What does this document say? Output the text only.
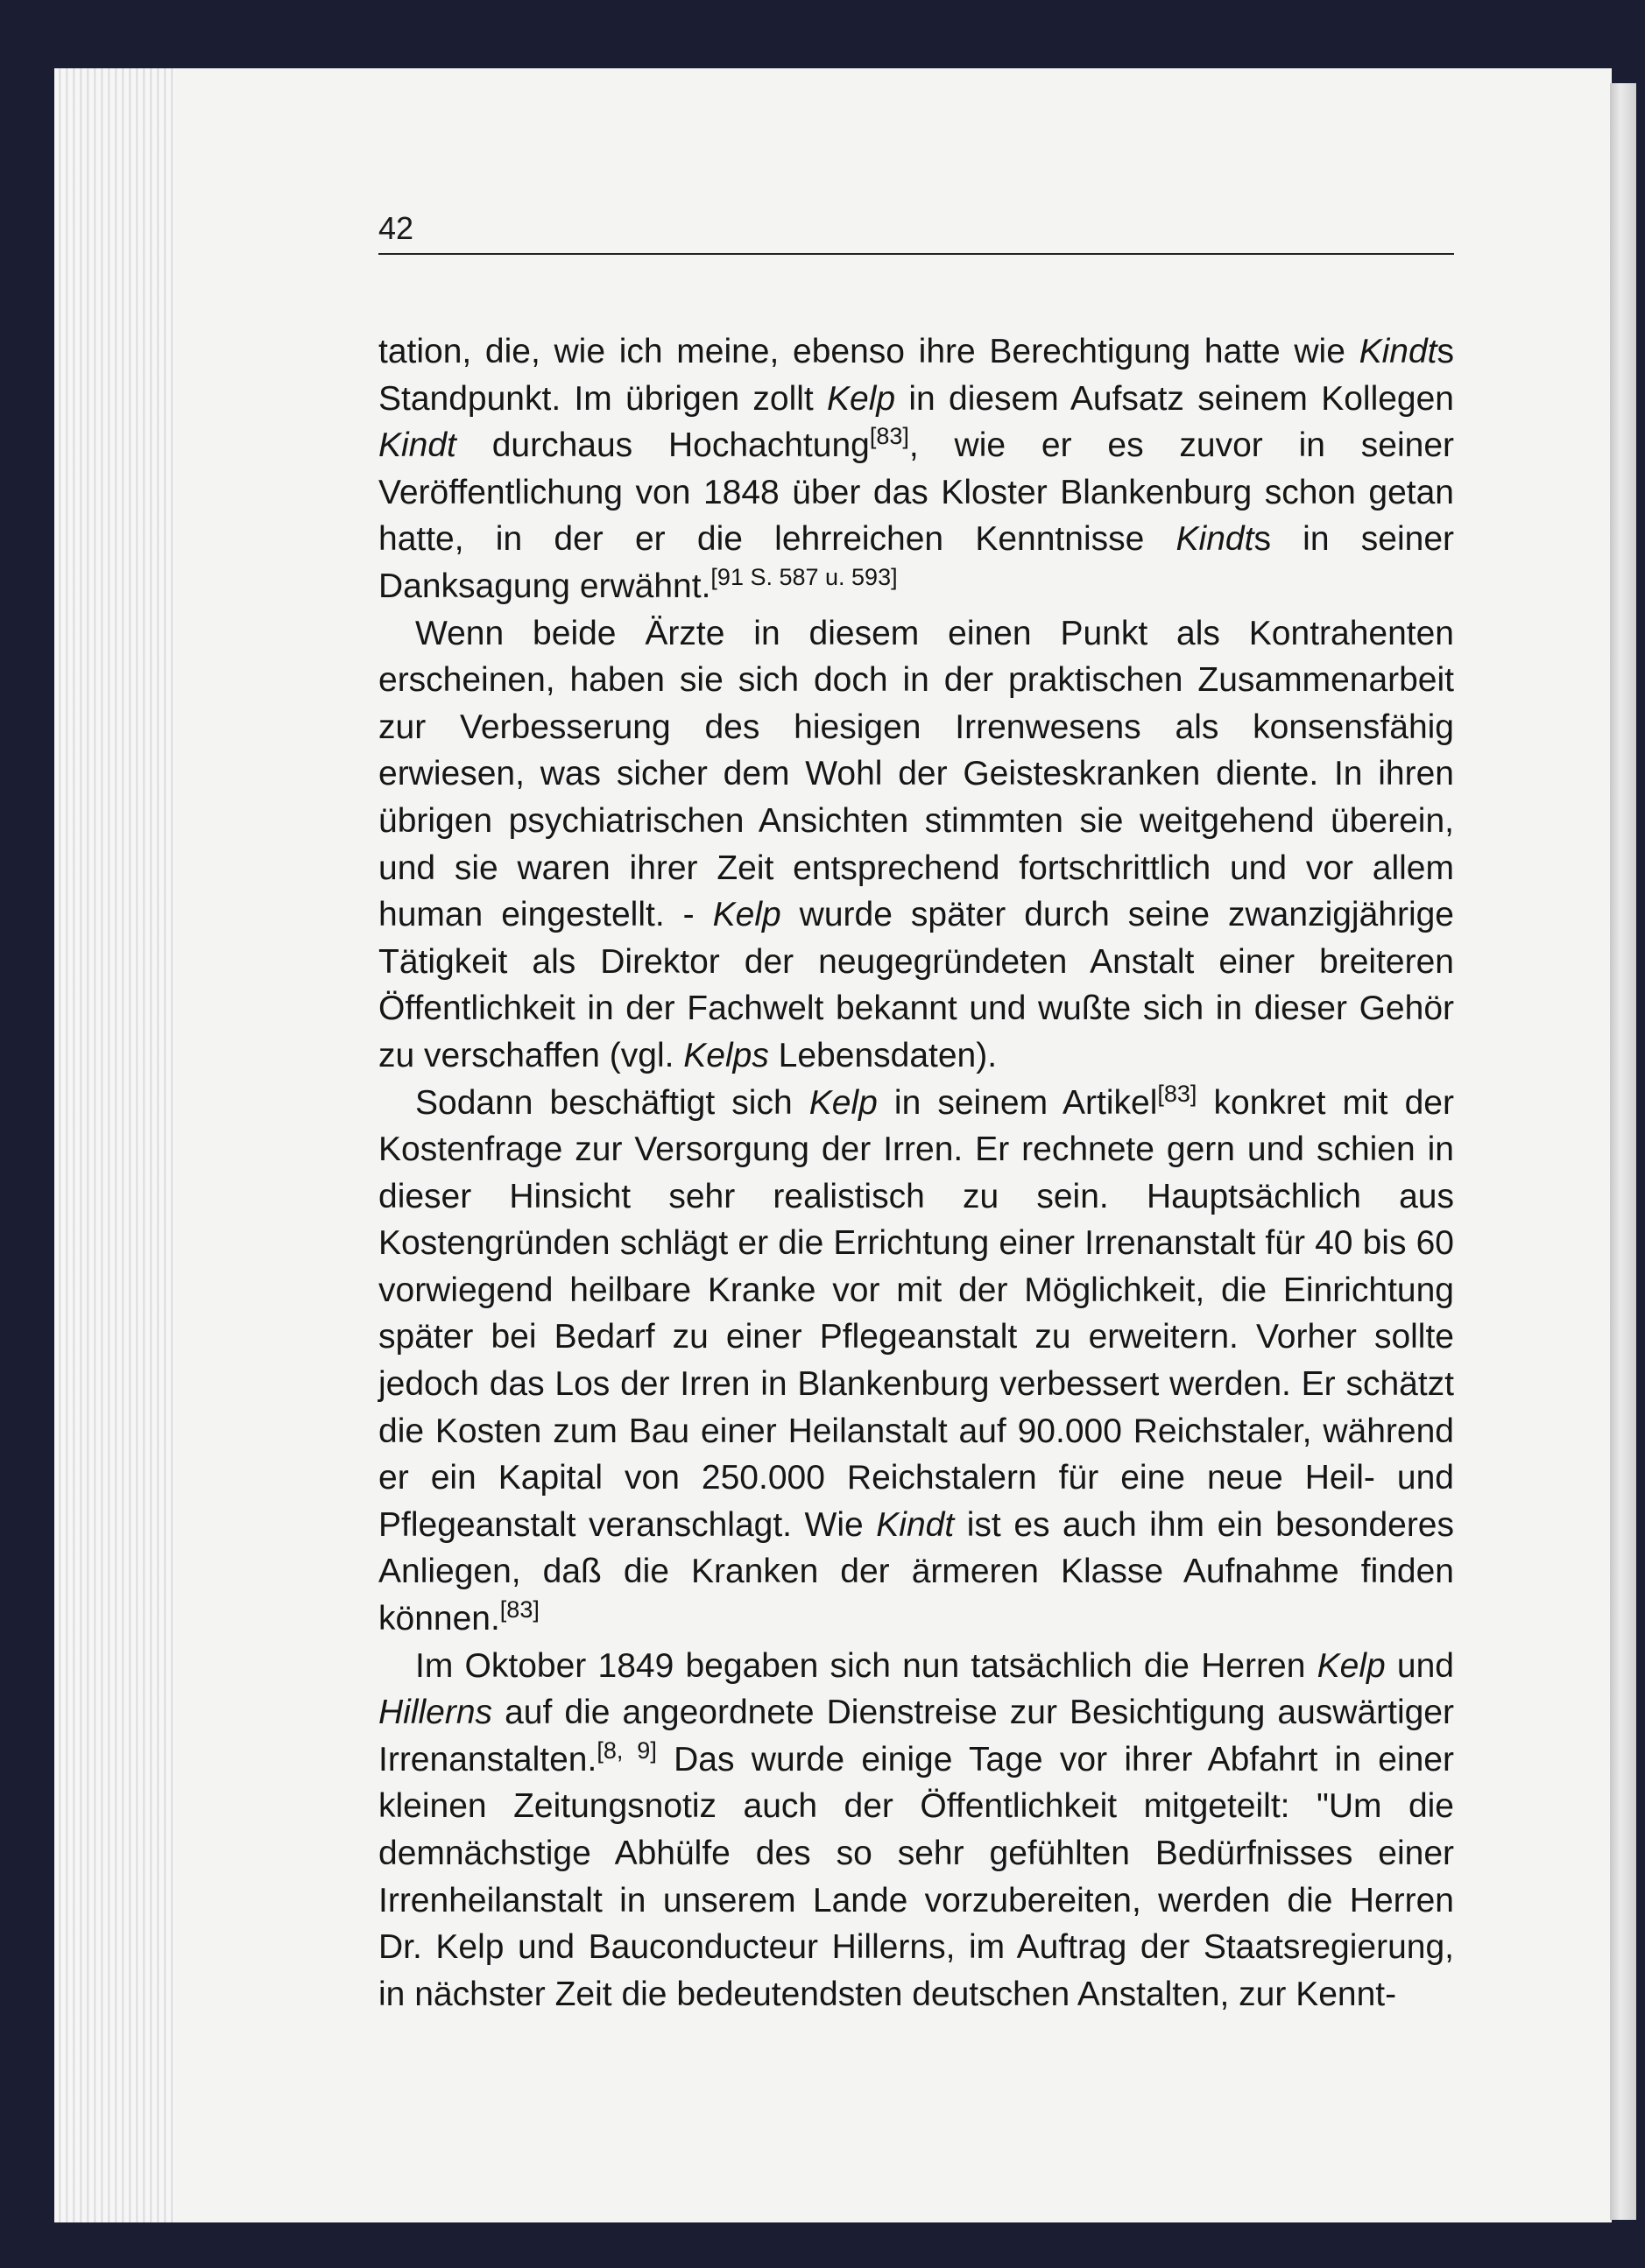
42

tation, die, wie ich meine, ebenso ihre Berechtigung hatte wie Kindts Standpunkt. Im übrigen zollt Kelp in diesem Aufsatz seinem Kollegen Kindt durchaus Hochachtung[83], wie er es zuvor in seiner Veröffentlichung von 1848 über das Kloster Blankenburg schon getan hatte, in der er die lehrreichen Kenntnisse Kindts in seiner Danksagung erwähnt.[91 S. 587 u. 593]

Wenn beide Ärzte in diesem einen Punkt als Kontrahenten erscheinen, haben sie sich doch in der praktischen Zusammenarbeit zur Verbesserung des hiesigen Irrenwesens als konsensfähig erwiesen, was sicher dem Wohl der Geisteskranken diente. In ihren übrigen psychiatrischen Ansichten stimmten sie weitgehend überein, und sie waren ihrer Zeit entsprechend fortschrittlich und vor allem human eingestellt. - Kelp wurde später durch seine zwanzigjährige Tätigkeit als Direktor der neugegründeten Anstalt einer breiteren Öffentlichkeit in der Fachwelt bekannt und wußte sich in dieser Gehör zu verschaffen (vgl. Kelps Lebensdaten).

Sodann beschäftigt sich Kelp in seinem Artikel[83] konkret mit der Kostenfrage zur Versorgung der Irren. Er rechnete gern und schien in dieser Hinsicht sehr realistisch zu sein. Hauptsächlich aus Kostengründen schlägt er die Errichtung einer Irrenanstalt für 40 bis 60 vorwiegend heilbare Kranke vor mit der Möglichkeit, die Einrichtung später bei Bedarf zu einer Pflegeanstalt zu erweitern. Vorher sollte jedoch das Los der Irren in Blankenburg verbessert werden. Er schätzt die Kosten zum Bau einer Heilanstalt auf 90.000 Reichstaler, während er ein Kapital von 250.000 Reichstalern für eine neue Heil- und Pflegeanstalt veranschlagt. Wie Kindt ist es auch ihm ein besonderes Anliegen, daß die Kranken der ärmeren Klasse Aufnahme finden können.[83]

Im Oktober 1849 begaben sich nun tatsächlich die Herren Kelp und Hillerns auf die angeordnete Dienstreise zur Besichtigung auswärtiger Irrenanstalten.[8, 9] Das wurde einige Tage vor ihrer Abfahrt in einer kleinen Zeitungsnotiz auch der Öffentlichkeit mitgeteilt: "Um die demnächstige Abhülfe des so sehr gefühlten Bedürfnisses einer Irrenheilanstalt in unserem Lande vorzubereiten, werden die Herren Dr. Kelp und Bauconducteur Hillerns, im Auftrag der Staatsregierung, in nächster Zeit die bedeutendsten deutschen Anstalten, zur Kennt-
